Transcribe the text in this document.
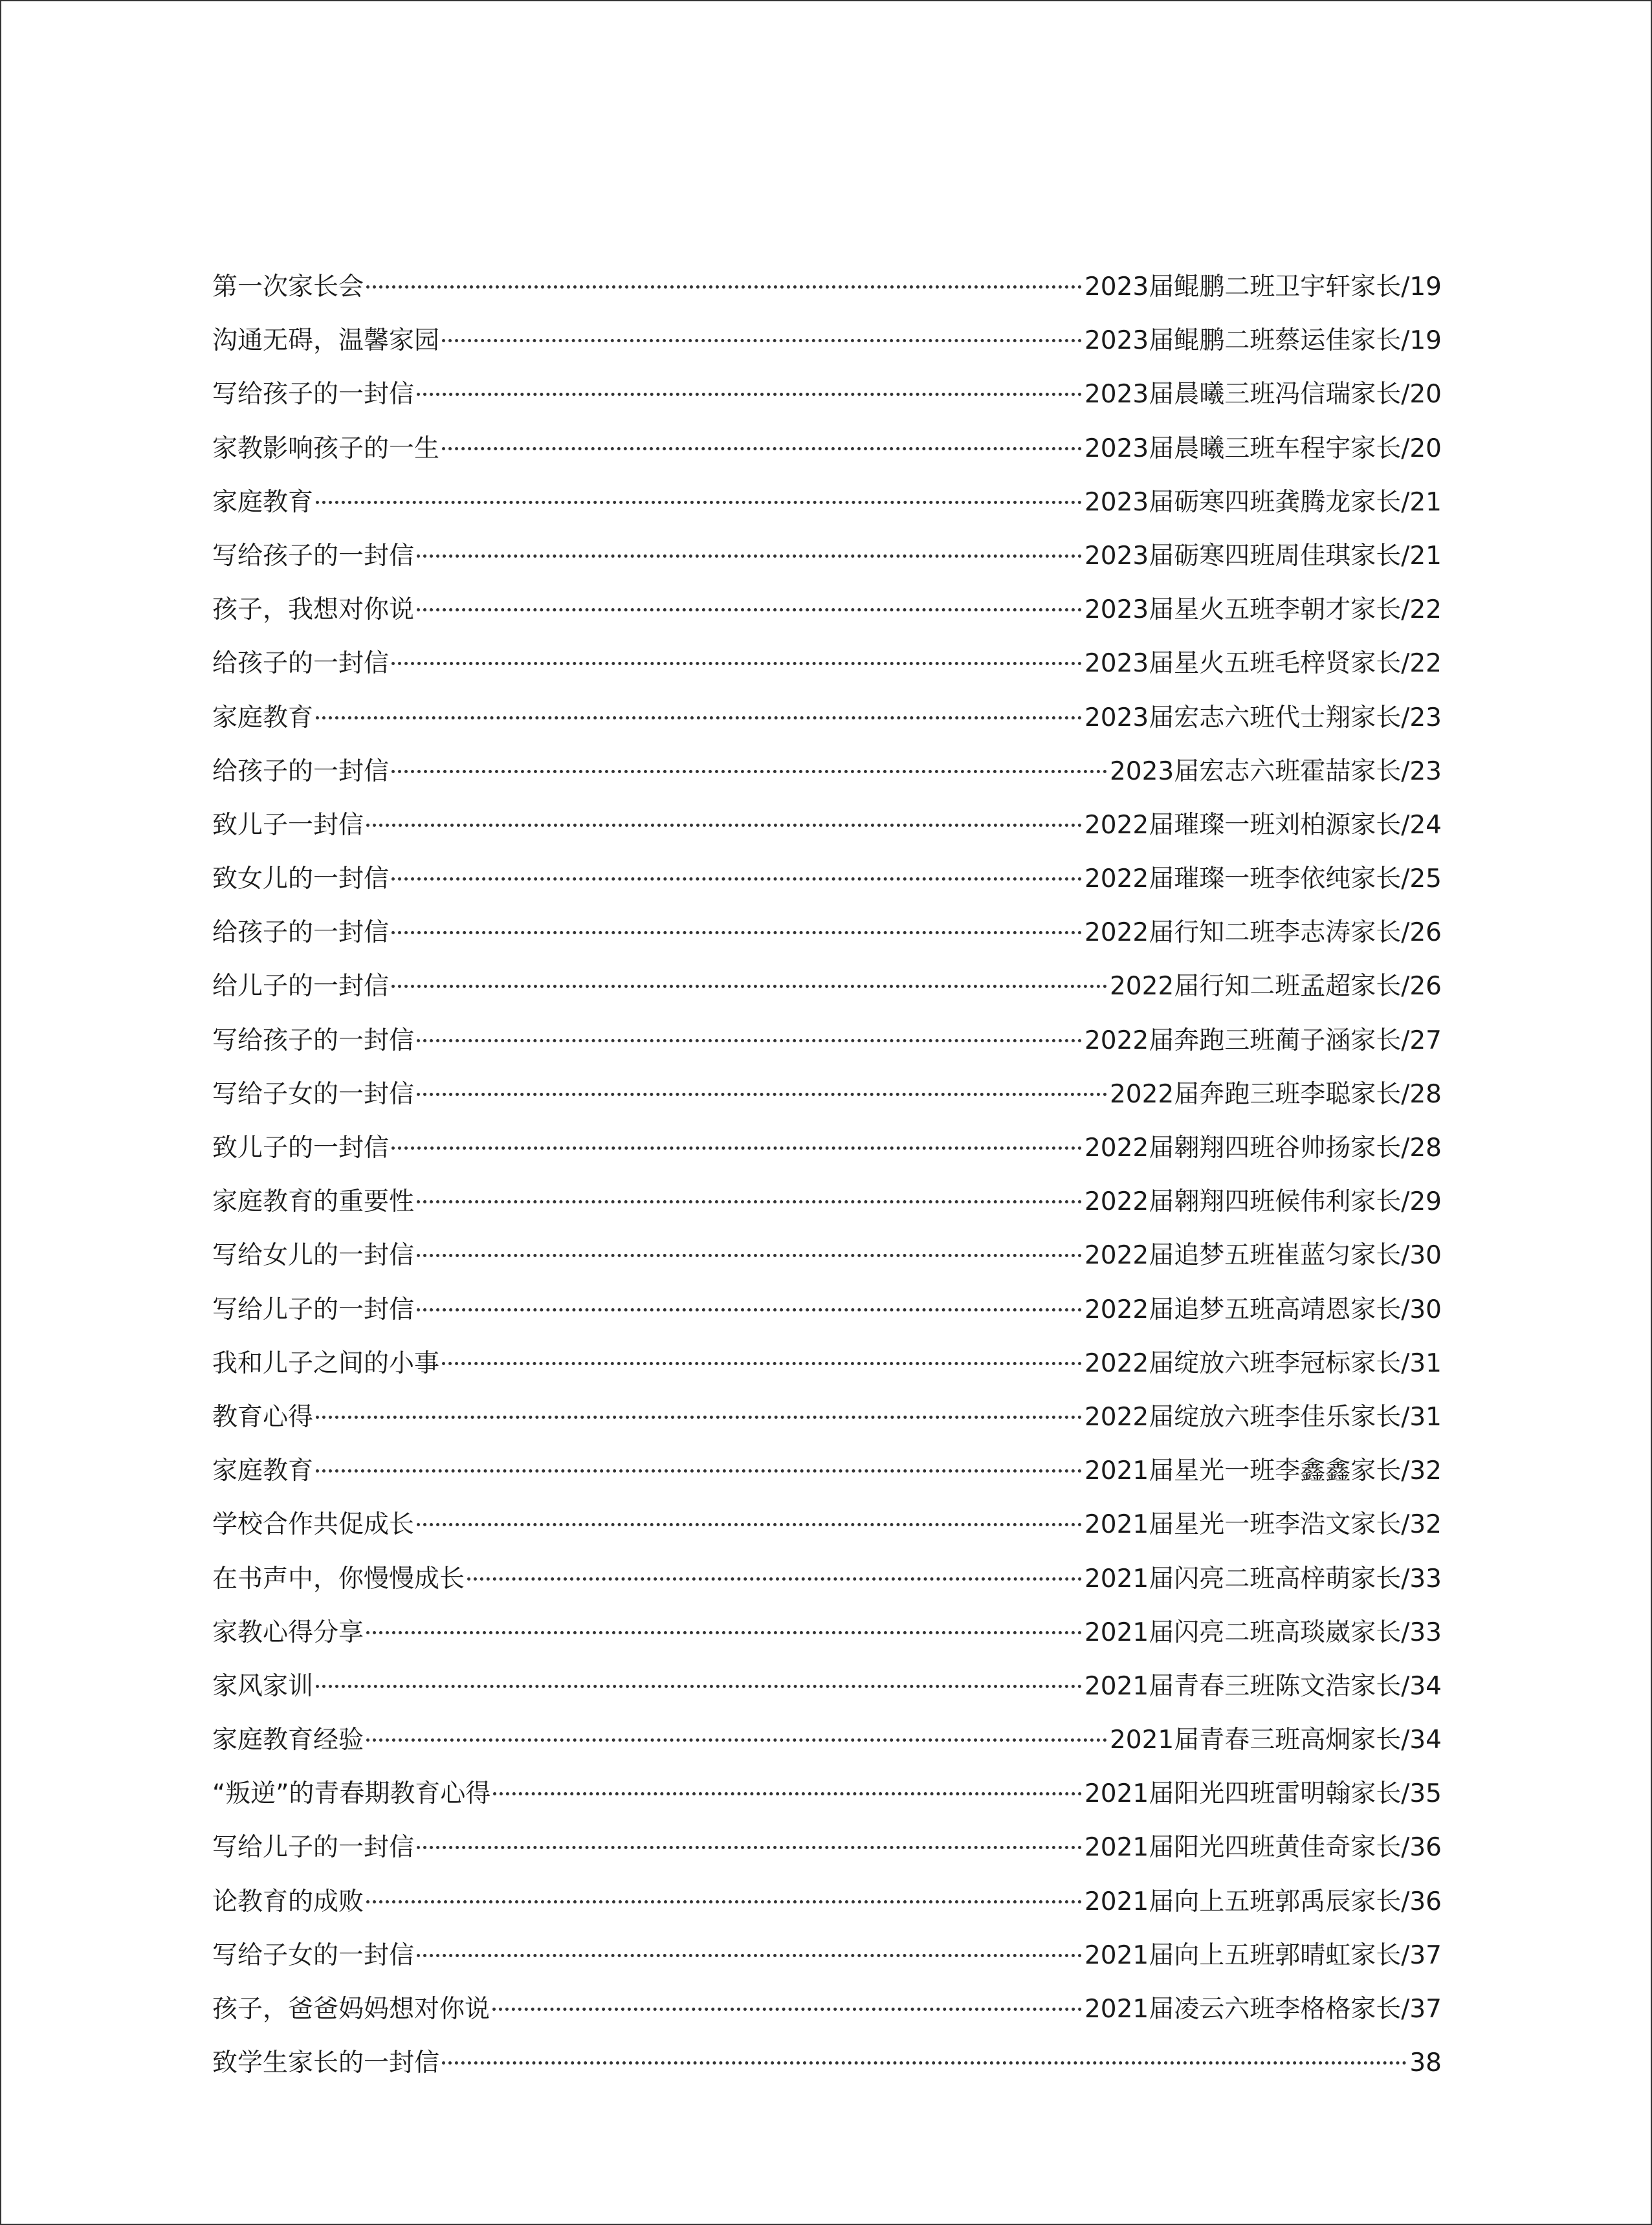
第一次家长会	2023届鲲鹏二班卫宇轩家长/19
沟通无碍，温馨家园	2023届鲲鹏二班蔡运佳家长/19
写给孩子的一封信	2023届晨曦三班冯信瑞家长/20
家教影响孩子的一生	2023届晨曦三班车程宇家长/20
家庭教育	2023届砺寒四班龚腾龙家长/21
写给孩子的一封信	2023届砺寒四班周佳琪家长/21
孩子，我想对你说	2023届星火五班李朝才家长/22
给孩子的一封信	2023届星火五班毛梓贤家长/22
家庭教育	2023届宏志六班代士翔家长/23
给孩子的一封信	2023届宏志六班霍喆家长/23
致儿子一封信	2022届璀璨一班刘柏源家长/24
致女儿的一封信	2022届璀璨一班李依纯家长/25
给孩子的一封信	2022届行知二班李志涛家长/26
给儿子的一封信	2022届行知二班孟超家长/26
写给孩子的一封信	2022届奔跑三班蔺子涵家长/27
写给子女的一封信	2022届奔跑三班李聪家长/28
致儿子的一封信	2022届翱翔四班谷帅扬家长/28
家庭教育的重要性	2022届翱翔四班候伟利家长/29
写给女儿的一封信	2022届追梦五班崔蓝匀家长/30
写给儿子的一封信	2022届追梦五班高靖恩家长/30
我和儿子之间的小事	2022届绽放六班李冠标家长/31
教育心得	2022届绽放六班李佳乐家长/31
家庭教育	2021届星光一班李鑫鑫家长/32
学校合作共促成长	2021届星光一班李浩文家长/32
在书声中，你慢慢成长	2021届闪亮二班高梓萌家长/33
家教心得分享	2021届闪亮二班高琰崴家长/33
家风家训	2021届青春三班陈文浩家长/34
家庭教育经验	2021届青春三班高炯家长/34
“叛逆”的青春期教育心得	2021届阳光四班雷明翰家长/35
写给儿子的一封信	2021届阳光四班黄佳奇家长/36
论教育的成败	2021届向上五班郭禹辰家长/36
写给子女的一封信	2021届向上五班郭晴虹家长/37
孩子，爸爸妈妈想对你说	2021届凌云六班李格格家长/37
致学生家长的一封信	38
